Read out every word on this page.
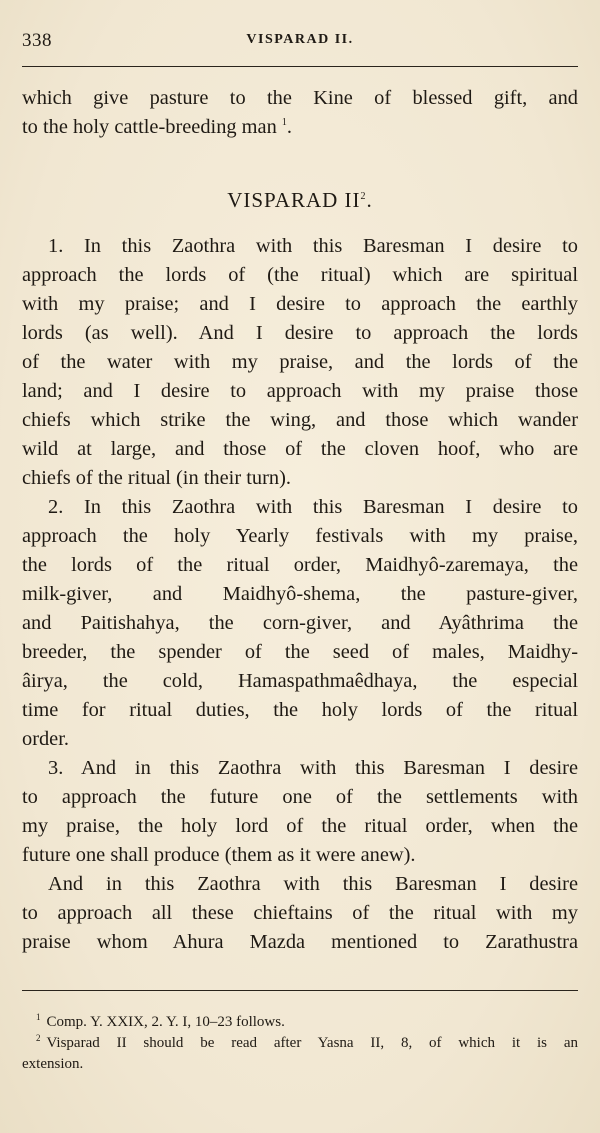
338	VISPARAD II.
which give pasture to the Kine of blessed gift, and
to the holy cattle-breeding man $^1$.
VISPARAD $II^2$.
1. In this Zaothra with this Baresman I desire to
approach the lords of (the ritual) which are spiritual
with my praise; and I desire to approach the earthly
lords (as well). And I desire to approach the lords
of the water with my praise, and the lords of the
land; and I desire to approach with my praise those
chiefs which strike the wing, and those which wander
wild at large, and those of the cloven hoof, who are
chiefs of the ritual (in their turn).
2. In this Zaothra with this Baresman I desire to
approach the holy Yearly festivals with my praise,
the lords of the ritual order, Maidhyô-zaremaya, the
milk-giver, and Maidhyô-shema, the pasture-giver,
and Paitishahya, the corn-giver, and Ayâthrima the
breeder, the spender of the seed of males, Maidhy-
âirya, the cold, Hamaspathmaêdhaya, the especial
time for ritual duties, the holy lords of the ritual
order.
3. And in this Zaothra with this Baresman I desire
to approach the future one of the settlements with
my praise, the holy lord of the ritual order, when the
future one shall produce (them as it were anew).
And in this Zaothra with this Baresman I desire
to approach all these chieftains of the ritual with my
praise whom Ahura Mazda mentioned to Zarathustra
$^1$ Comp. Y. XXIX, 2. Y. I, 10–23 follows.
$^2$ Visparad II should be read after Yasna II, 8, of which it is an
extension.
